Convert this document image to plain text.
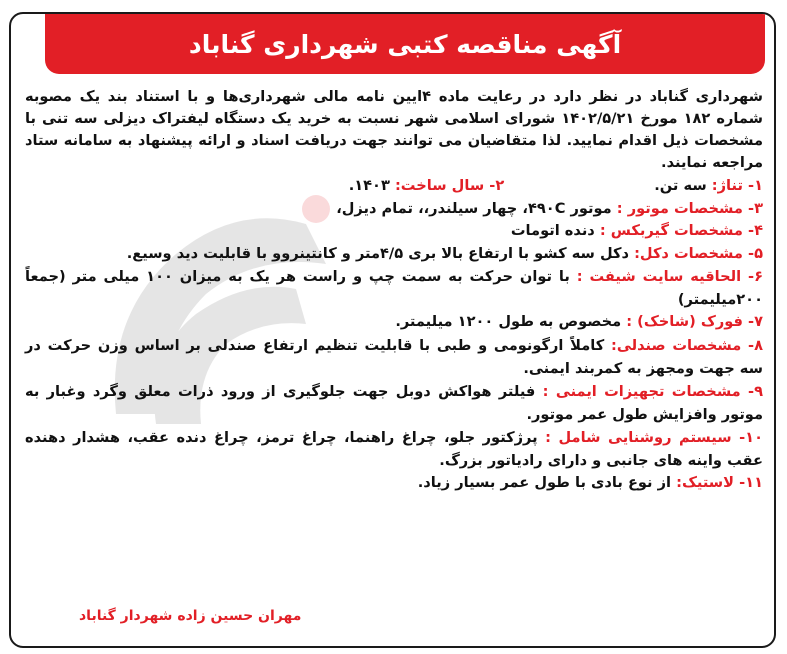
آگهی مناقصه کتبی شهرداری گناباد
شهرداری گناباد در نظر دارد در رعایت ماده ۴ایین نامه مالی شهرداری‌ها و با استناد بند یک مصوبه شماره ۱۸۲ مورخ ۱۴۰۲/۵/۲۱ شورای اسلامی شهر نسبت به خرید یک دستگاه لیفتراک دیزلی سه تنی با مشخصات ذیل اقدام نمایید. لذا متقاضیان می توانند جهت دریافت اسناد و ارائه پیشنهاد به سامانه ستاد مراجعه نمایند.
۱- تناژ: سه تن.
۲- سال ساخت: ۱۴۰۳.
۳- مشخصات موتور : موتور ۴۹۰C، چهار سیلندر،، تمام دیزل،
۴- مشخصات گیربکس : دنده اتومات
۵- مشخصات دکل: دکل سه کشو با ارتفاع بالا بری ۴/۵متر و کانتینروو با قابلیت دید وسیع.
۶- الحاقیه سایت شیفت : با توان حرکت به سمت چپ و راست هر یک به میزان ۱۰۰ میلی متر (جمعاً ۲۰۰میلیمتر)
۷- فورک (شاخک) : مخصوص به طول ۱۲۰۰ میلیمتر.
۸- مشخصات صندلی: کاملاً ارگونومی و طبی با قابلیت تنظیم ارتفاع صندلی بر اساس وزن حرکت در سه جهت ومجهز به کمربند ایمنی.
۹- مشخصات تجهیزات ایمنی : فیلتر هواکش دوبل جهت جلوگیری از ورود ذرات معلق وگرد وغبار به موتور وافزایش طول عمر موتور.
۱۰- سیستم روشنایی شامل : پرژکتور جلو، چراغ راهنما، چراغ ترمز، چراغ دنده عقب، هشدار دهنده عقب واینه های جانبی و دارای رادیاتور بزرگ.
۱۱- لاستیک: از نوع بادی با طول عمر بسیار زیاد.
مهران حسین زاده شهردار گناباد
